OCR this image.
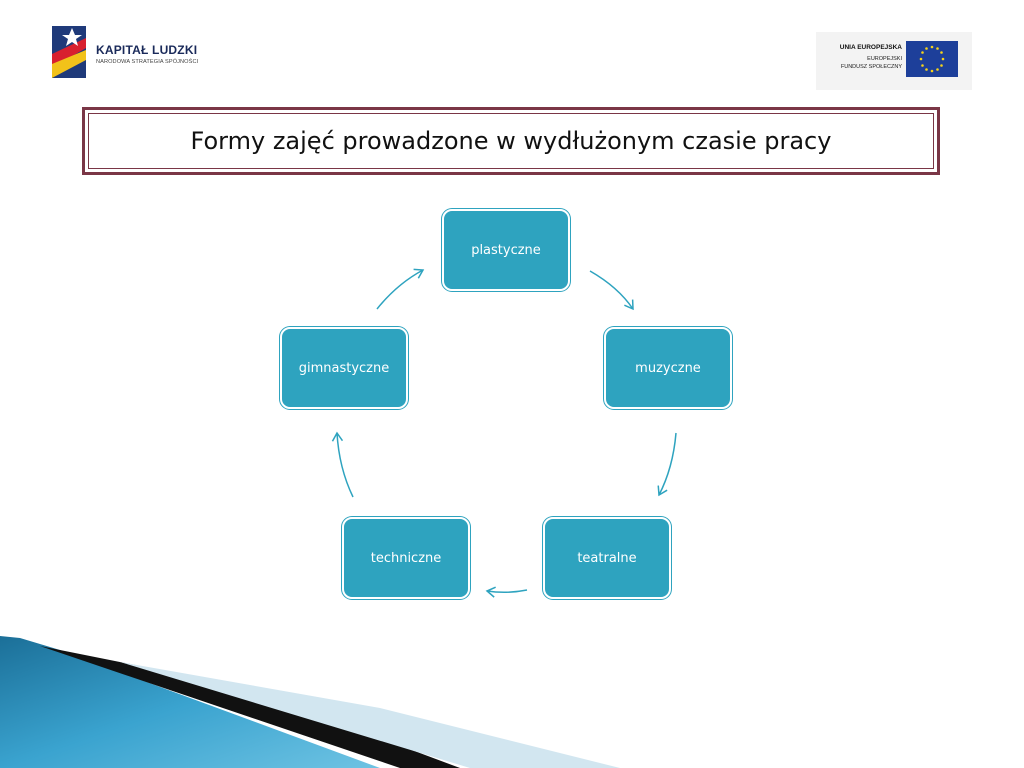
KAPITAŁ LUDZKI
NARODOWA STRATEGIA SPÓJNOŚCI
UNIA EUROPEJSKA
EUROPEJSKI
FUNDUSZ SPOŁECZNY
Formy zajęć prowadzone w wydłużonym czasie pracy
plastyczne
muzyczne
teatralne
techniczne
gimnastyczne
